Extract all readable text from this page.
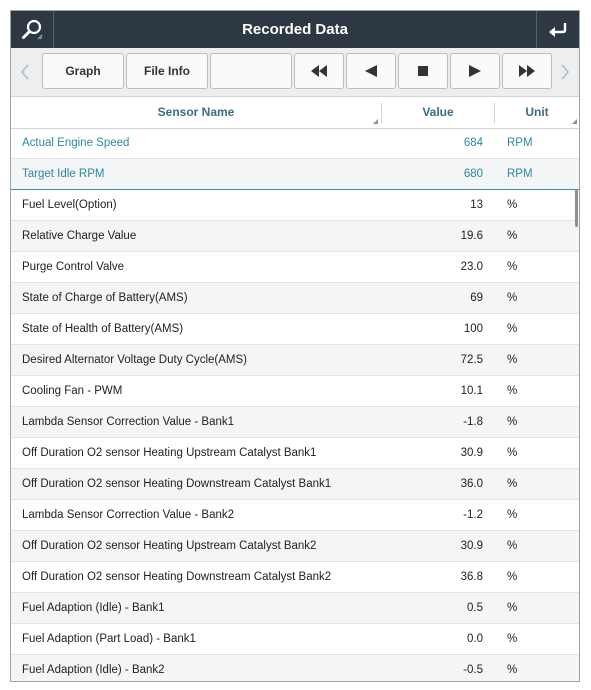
Recorded Data
Graph	File Info
Sensor Name	Value	Unit
Actual Engine Speed	684 RPM
Target Idle RPM	680 RPM
Fuel Level(Option)	13 %
Relative Charge Value	19.6 %
Purge Control Valve	23.0 %
State of Charge of Battery(AMS)	69 %
State of Health of Battery(AMS)	100 %
Desired Alternator Voltage Duty Cycle(AMS)	72.5 %
Cooling Fan - PWM	10.1 %
Lambda Sensor Correction Value - Bank1	-1.8 %
Off Duration O2 sensor Heating Upstream Catalyst Bank1	30.9 %
Off Duration O2 sensor Heating Downstream Catalyst Bank1	36.0 %
Lambda Sensor Correction Value - Bank2	-1.2 %
Off Duration O2 sensor Heating Upstream Catalyst Bank2	30.9 %
Off Duration O2 sensor Heating Downstream Catalyst Bank2	36.8 %
Fuel Adaption (Idle) - Bank1	0.5 %
Fuel Adaption (Part Load) - Bank1	0.0 %
Fuel Adaption (Idle) - Bank2	-0.5 %
